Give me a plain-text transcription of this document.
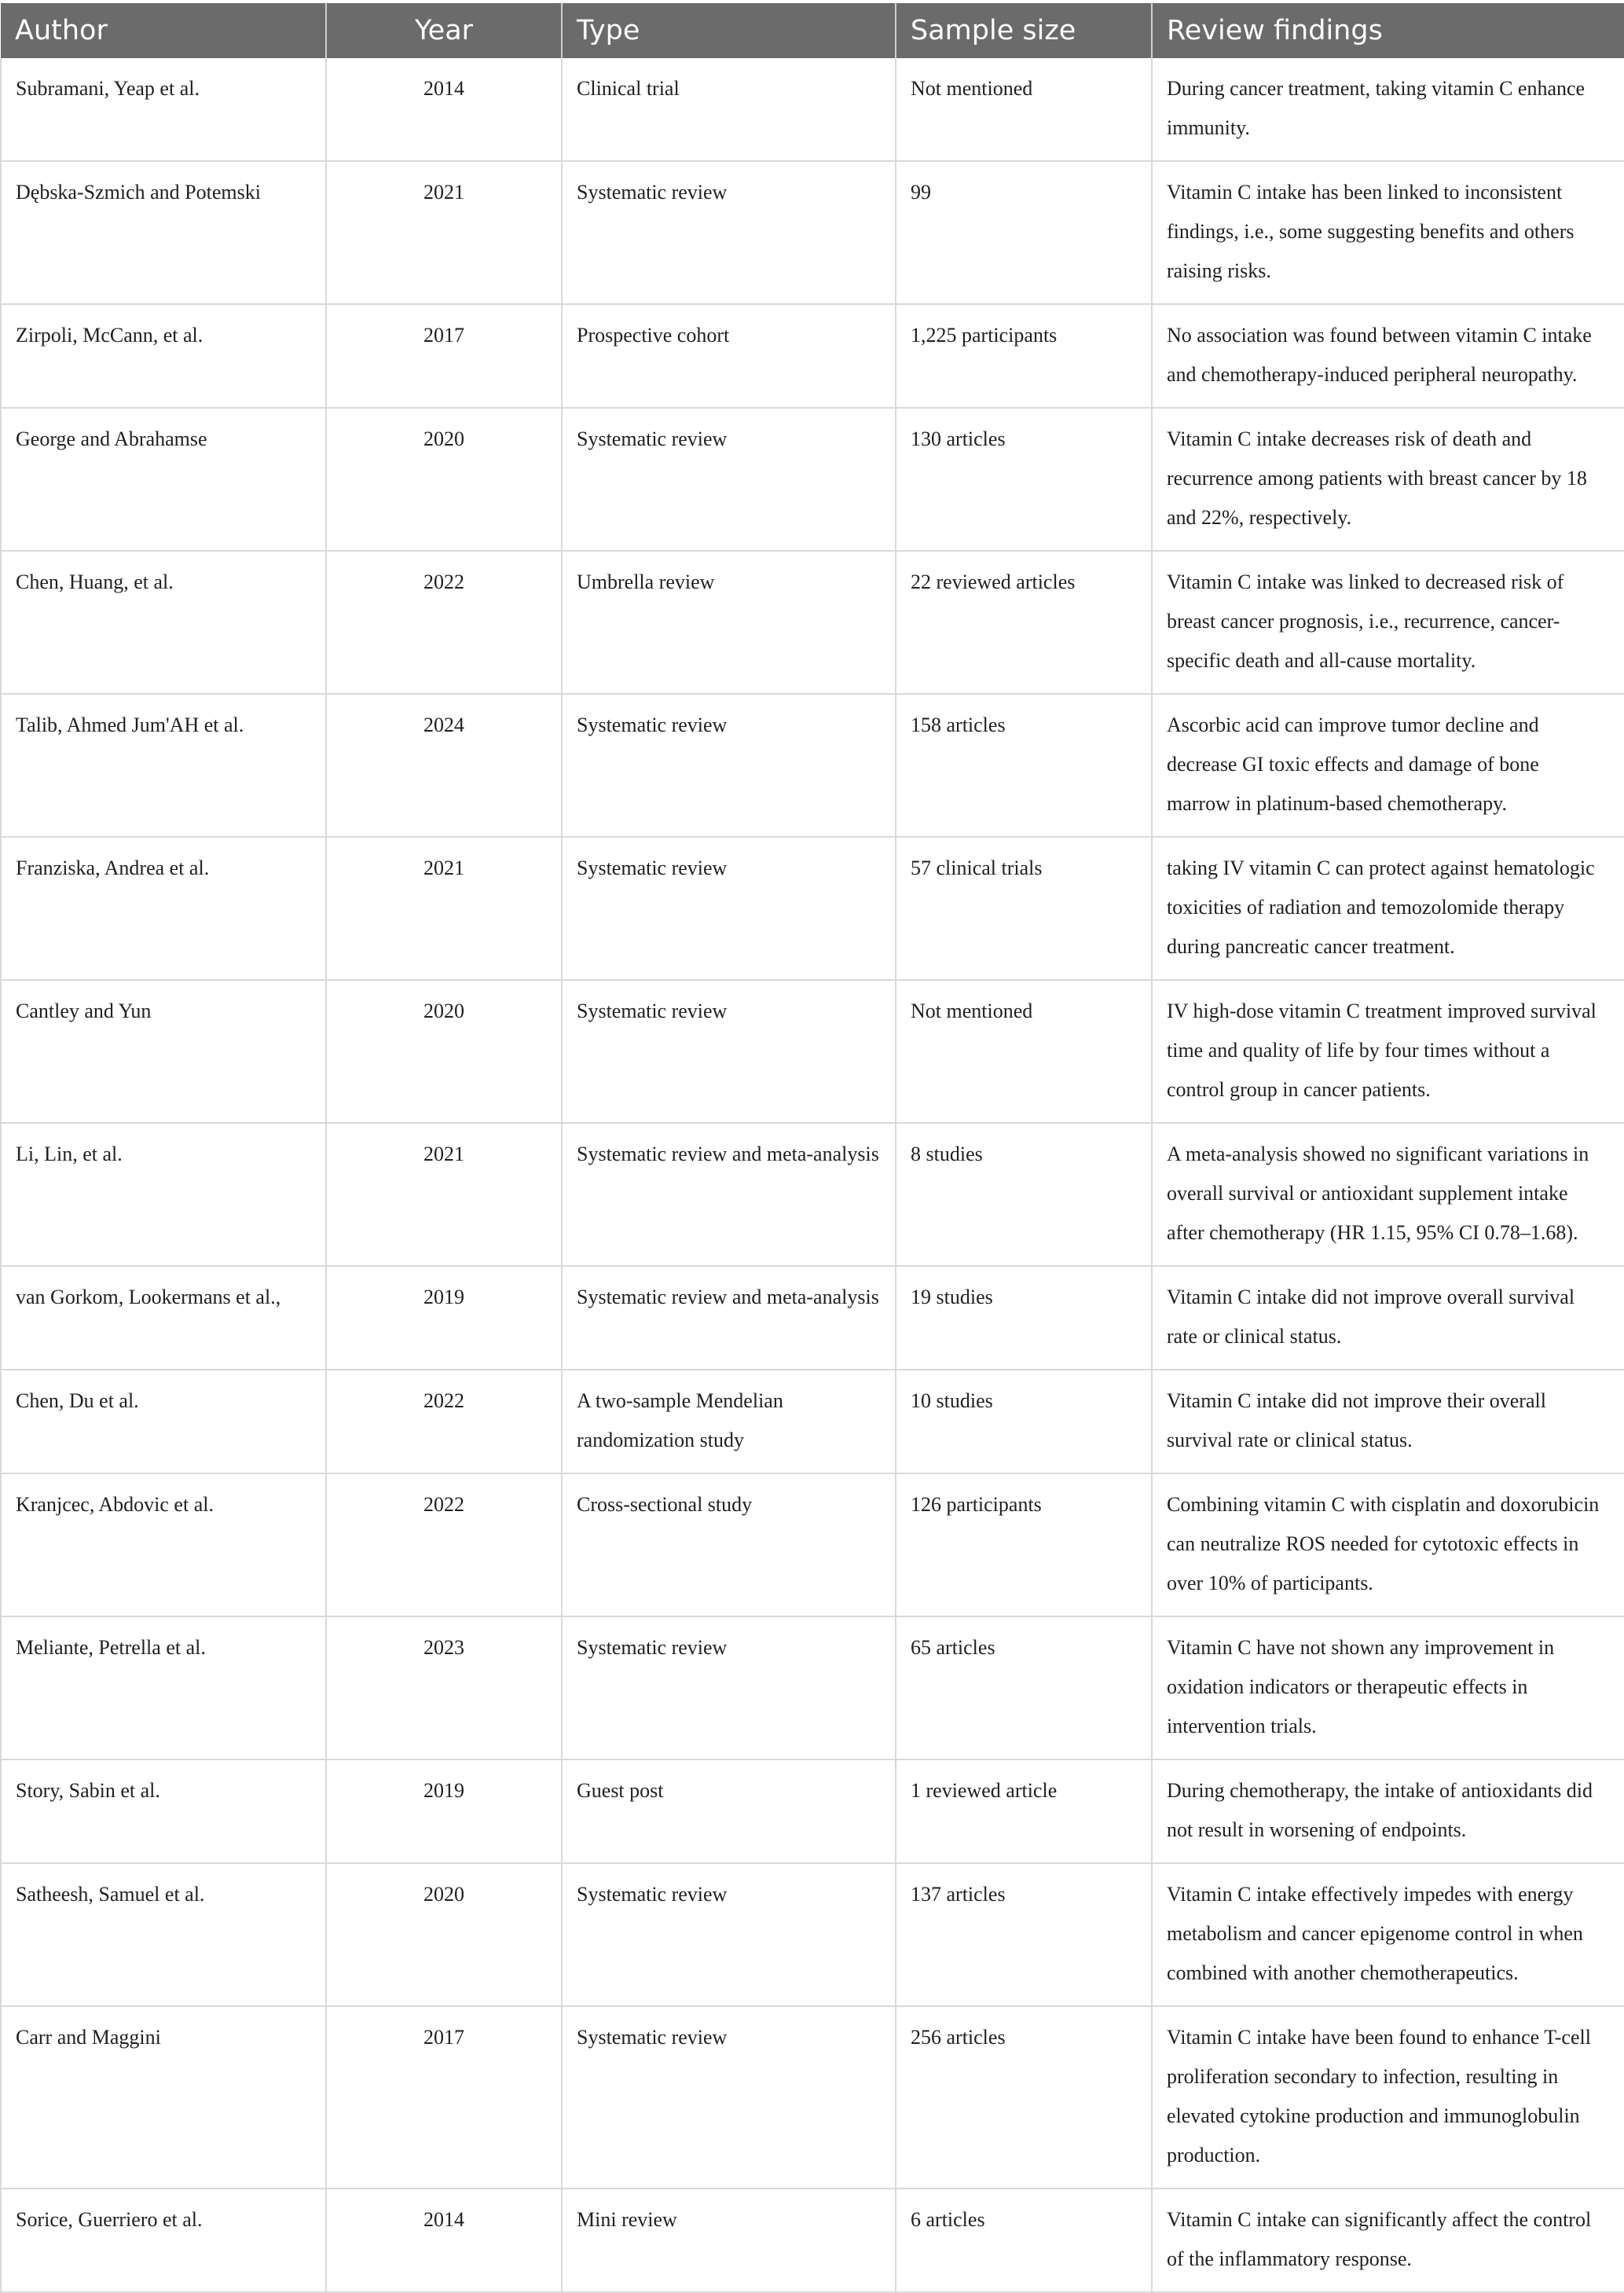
Author	Year	Type	Sample size	Review findings
Subramani, Yeap et al.	2014	Clinical trial	Not mentioned	During cancer treatment, taking vitamin C enhance immunity.
Dębska-Szmich and Potemski	2021	Systematic review	99	Vitamin C intake has been linked to inconsistent findings, i.e., some suggesting benefits and others raising risks.
Zirpoli, McCann, et al.	2017	Prospective cohort	1,225 participants	No association was found between vitamin C intake and chemotherapy-induced peripheral neuropathy.
George and Abrahamse	2020	Systematic review	130 articles	Vitamin C intake decreases risk of death and recurrence among patients with breast cancer by 18 and 22%, respectively.
Chen, Huang, et al.	2022	Umbrella review	22 reviewed articles	Vitamin C intake was linked to decreased risk of breast cancer prognosis, i.e., recurrence, cancer-specific death and all-cause mortality.
Talib, Ahmed Jum'AH et al.	2024	Systematic review	158 articles	Ascorbic acid can improve tumor decline and decrease GI toxic effects and damage of bone marrow in platinum-based chemotherapy.
Franziska, Andrea et al.	2021	Systematic review	57 clinical trials	taking IV vitamin C can protect against hematologic toxicities of radiation and temozolomide therapy during pancreatic cancer treatment.
Cantley and Yun	2020	Systematic review	Not mentioned	IV high-dose vitamin C treatment improved survival time and quality of life by four times without a control group in cancer patients.
Li, Lin, et al.	2021	Systematic review and meta-analysis	8 studies	A meta-analysis showed no significant variations in overall survival or antioxidant supplement intake after chemotherapy (HR 1.15, 95% CI 0.78–1.68).
van Gorkom, Lookermans et al.,	2019	Systematic review and meta-analysis	19 studies	Vitamin C intake did not improve overall survival rate or clinical status.
Chen, Du et al.	2022	A two-sample Mendelian randomization study	10 studies	Vitamin C intake did not improve their overall survival rate or clinical status.
Kranjcec, Abdovic et al.	2022	Cross-sectional study	126 participants	Combining vitamin C with cisplatin and doxorubicin can neutralize ROS needed for cytotoxic effects in over 10% of participants.
Meliante, Petrella et al.	2023	Systematic review	65 articles	Vitamin C have not shown any improvement in oxidation indicators or therapeutic effects in intervention trials.
Story, Sabin et al.	2019	Guest post	1 reviewed article	During chemotherapy, the intake of antioxidants did not result in worsening of endpoints.
Satheesh, Samuel et al.	2020	Systematic review	137 articles	Vitamin C intake effectively impedes with energy metabolism and cancer epigenome control in when combined with another chemotherapeutics.
Carr and Maggini	2017	Systematic review	256 articles	Vitamin C intake have been found to enhance T-cell proliferation secondary to infection, resulting in elevated cytokine production and immunoglobulin production.
Sorice, Guerriero et al.	2014	Mini review	6 articles	Vitamin C intake can significantly affect the control of the inflammatory response.
